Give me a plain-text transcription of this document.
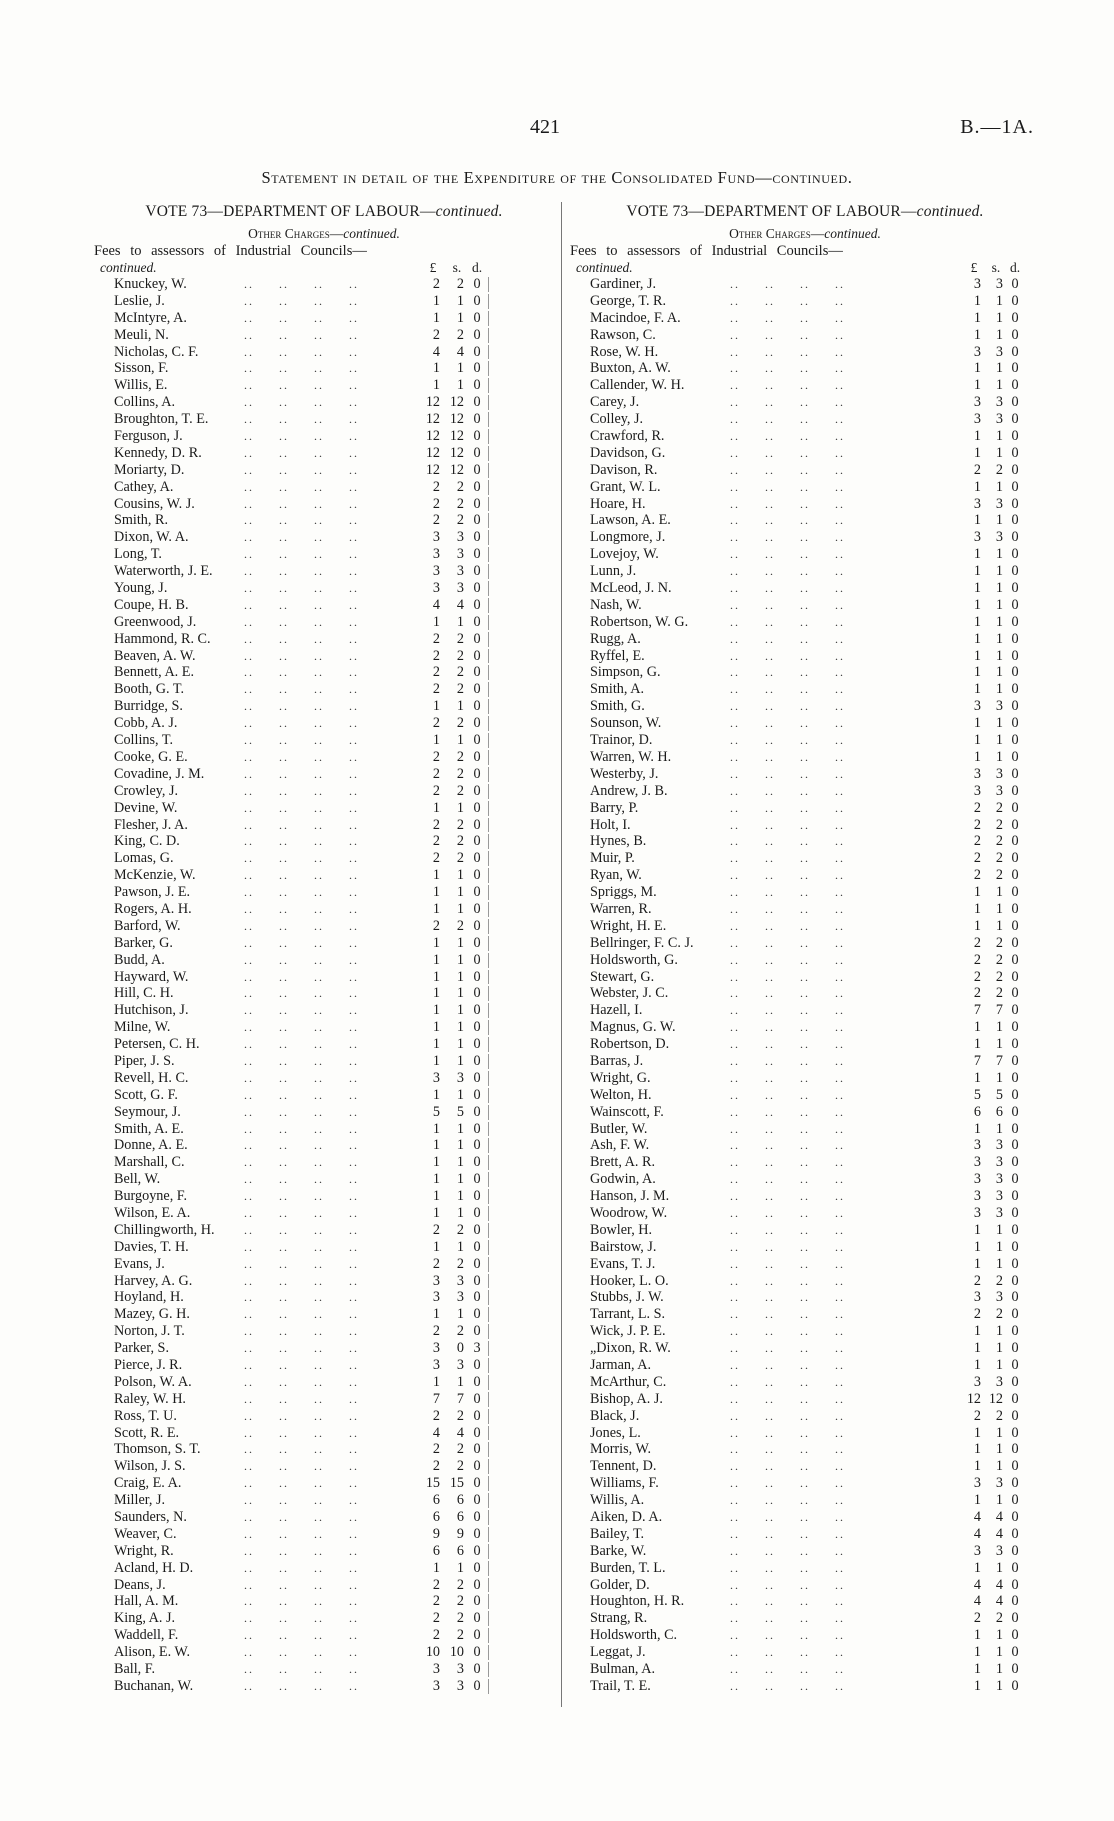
421	B.—1A.
Statement in detail of the Expenditure of the Consolidated Fund—continued.
VOTE 73—DEPARTMENT OF LABOUR—continued.
Other Charges—continued.
Fees to assessors of Industrial Councils—
continued.	£ s. d.
..     ..     ..     ..
Knuckey, W.	2	2 0
..     ..     ..     ..
Leslie, J.	1	1 0
..     ..     ..     ..
McIntyre, A.	1	1 0
..     ..     ..     ..
Meuli, N.	2	2 0
..     ..     ..     ..
Nicholas, C. F.	4	4 0
..     ..     ..     ..
Sisson, F.	1	1 0
..     ..     ..     ..
Willis, E.	1	1 0
..     ..     ..     ..
Collins, A.	12 12 0
..     ..     ..     ..
Broughton, T. E.	12 12 0
..     ..     ..     ..
Ferguson, J.	12 12 0
..     ..     ..     ..
Kennedy, D. R.	12 12 0
..     ..     ..     ..
Moriarty, D.	12 12 0
..     ..     ..     ..
Cathey, A.	2	2 0
..     ..     ..     ..
Cousins, W. J.	2	2 0
..     ..     ..     ..
Smith, R.	2	2 0
..     ..     ..     ..
Dixon, W. A.	3	3 0
..     ..     ..     ..
Long, T.	3	3 0
..     ..     ..     ..
Waterworth, J. E.	3	3 0
..     ..     ..     ..
Young, J.	3	3 0
..     ..     ..     ..
Coupe, H. B.	4	4 0
..     ..     ..     ..
Greenwood, J.	1	1 0
..     ..     ..     ..
Hammond, R. C.	2	2 0
..     ..     ..     ..
Beaven, A. W.	2	2 0
..     ..     ..     ..
Bennett, A. E.	2	2 0
..     ..     ..     ..
Booth, G. T.	2	2 0
..     ..     ..     ..
Burridge, S.	1	1 0
..     ..     ..     ..
Cobb, A. J.	2	2 0
..     ..     ..     ..
Collins, T.	1	1 0
..     ..     ..     ..
Cooke, G. E.	2	2 0
..     ..     ..     ..
Covadine, J. M.	2	2 0
..     ..     ..     ..
Crowley, J.	2	2 0
..     ..     ..     ..
Devine, W.	1	1 0
..     ..     ..     ..
Flesher, J. A.	2	2 0
..     ..     ..     ..
King, C. D.	2	2 0
..     ..     ..     ..
Lomas, G.	2	2 0
..     ..     ..     ..
McKenzie, W.	1	1 0
..     ..     ..     ..
Pawson, J. E.	1	1 0
..     ..     ..     ..
Rogers, A. H.	1	1 0
..     ..     ..     ..
Barford, W.	2	2 0
..     ..     ..     ..
Barker, G.	1	1 0
..     ..     ..     ..
Budd, A.	1	1 0
..     ..     ..     ..
Hayward, W.	1	1 0
..     ..     ..     ..
Hill, C. H.	1	1 0
..     ..     ..     ..
Hutchison, J.	1	1 0
..     ..     ..     ..
Milne, W.	1	1 0
..     ..     ..     ..
Petersen, C. H.	1	1 0
..     ..     ..     ..
Piper, J. S.	1	1 0
..     ..     ..     ..
Revell, H. C.	3	3 0
..     ..     ..     ..
Scott, G. F.	1	1 0
..     ..     ..     ..
Seymour, J.	5	5 0
..     ..     ..     ..
Smith, A. E.	1	1 0
..     ..     ..     ..
Donne, A. E.	1	1 0
..     ..     ..     ..
Marshall, C.	1	1 0
..     ..     ..     ..
Bell, W.	1	1 0
..     ..     ..     ..
Burgoyne, F.	1	1 0
..     ..     ..     ..
Wilson, E. A.	1	1 0
..     ..     ..     ..
Chillingworth, H.	2	2 0
..     ..     ..     ..
Davies, T. H.	1	1 0
..     ..     ..     ..
Evans, J.	2	2 0
..     ..     ..     ..
Harvey, A. G.	3	3 0
..     ..     ..     ..
Hoyland, H.	3	3 0
..     ..     ..     ..
Mazey, G. H.	1	1 0
..     ..     ..     ..
Norton, J. T.	2	2 0
..     ..     ..     ..
Parker, S.	3	0 3
..     ..     ..     ..
Pierce, J. R.	3	3 0
..     ..     ..     ..
Polson, W. A.	1	1 0
..     ..     ..     ..
Raley, W. H.	7	7 0
..     ..     ..     ..
Ross, T. U.	2	2 0
..     ..     ..     ..
Scott, R. E.	4	4 0
..     ..     ..     ..
Thomson, S. T.	2	2 0
..     ..     ..     ..
Wilson, J. S.	2	2 0
..     ..     ..     ..
Craig, E. A.	15 15 0
..     ..     ..     ..
Miller, J.	6	6 0
..     ..     ..     ..
Saunders, N.	6	6 0
..     ..     ..     ..
Weaver, C.	9	9 0
..     ..     ..     ..
Wright, R.	6	6 0
..     ..     ..     ..
Acland, H. D.	1	1 0
..     ..     ..     ..
Deans, J.	2	2 0
..     ..     ..     ..
Hall, A. M.	2	2 0
..     ..     ..     ..
King, A. J.	2	2 0
..     ..     ..     ..
Waddell, F.	2	2 0
..     ..     ..     ..
Alison, E. W.	10 10 0
..     ..     ..     ..
Ball, F.	3	3 0
..     ..     ..     ..
Buchanan, W.	3	3 0
VOTE 73—DEPARTMENT OF LABOUR—continued.
Other Charges—continued.
Fees to assessors of Industrial Councils—
continued.	£ s. d.
..     ..     ..     ..
Gardiner, J.	3	3 0
..     ..     ..     ..
George, T. R.	1	1 0
..     ..     ..     ..
Macindoe, F. A.	1	1 0
..     ..     ..     ..
Rawson, C.	1	1 0
..     ..     ..     ..
Rose, W. H.	3	3 0
..     ..     ..     ..
Buxton, A. W.	1	1 0
..     ..     ..     ..
Callender, W. H.	1	1 0
..     ..     ..     ..
Carey, J.	3	3 0
..     ..     ..     ..
Colley, J.	3	3 0
..     ..     ..     ..
Crawford, R.	1	1 0
..     ..     ..     ..
Davidson, G.	1	1 0
..     ..     ..     ..
Davison, R.	2	2 0
..     ..     ..     ..
Grant, W. L.	1	1 0
..     ..     ..     ..
Hoare, H.	3	3 0
..     ..     ..     ..
Lawson, A. E.	1	1 0
..     ..     ..     ..
Longmore, J.	3	3 0
..     ..     ..     ..
Lovejoy, W.	1	1 0
..     ..     ..     ..
Lunn, J.	1	1 0
..     ..     ..     ..
McLeod, J. N.	1	1 0
..     ..     ..     ..
Nash, W.	1	1 0
..     ..     ..     ..
Robertson, W. G.	1	1 0
..     ..     ..     ..
Rugg, A.	1	1 0
..     ..     ..     ..
Ryffel, E.	1	1 0
..     ..     ..     ..
Simpson, G.	1	1 0
..     ..     ..     ..
Smith, A.	1	1 0
..     ..     ..     ..
Smith, G.	3	3 0
..     ..     ..     ..
Sounson, W.	1	1 0
..     ..     ..     ..
Trainor, D.	1	1 0
..     ..     ..     ..
Warren, W. H.	1	1 0
..     ..     ..     ..
Westerby, J.	3	3 0
..     ..     ..     ..
Andrew, J. B.	3	3 0
..     ..     ..     ..
Barry, P.	2	2 0
..     ..     ..     ..
Holt, I.	2	2 0
..     ..     ..     ..
Hynes, B.	2	2 0
..     ..     ..     ..
Muir, P.	2	2 0
..     ..     ..     ..
Ryan, W.	2	2 0
..     ..     ..     ..
Spriggs, M.	1	1 0
..     ..     ..     ..
Warren, R.	1	1 0
..     ..     ..     ..
Wright, H. E.	1	1 0
..     ..     ..     ..
Bellringer, F. C. J.	2	2 0
..     ..     ..     ..
Holdsworth, G.	2	2 0
..     ..     ..     ..
Stewart, G.	2	2 0
..     ..     ..     ..
Webster, J. C.	2	2 0
..     ..     ..     ..
Hazell, I.	7	7 0
..     ..     ..     ..
Magnus, G. W.	1	1 0
..     ..     ..     ..
Robertson, D.	1	1 0
..     ..     ..     ..
Barras, J.	7	7 0
..     ..     ..     ..
Wright, G.	1	1 0
..     ..     ..     ..
Welton, H.	5	5 0
..     ..     ..     ..
Wainscott, F.	6	6 0
..     ..     ..     ..
Butler, W.	1	1 0
..     ..     ..     ..
Ash, F. W.	3	3 0
..     ..     ..     ..
Brett, A. R.	3	3 0
..     ..     ..     ..
Godwin, A.	3	3 0
..     ..     ..     ..
Hanson, J. M.	3	3 0
..     ..     ..     ..
Woodrow, W.	3	3 0
..     ..     ..     ..
Bowler, H.	1	1 0
..     ..     ..     ..
Bairstow, J.	1	1 0
..     ..     ..     ..
Evans, T. J.	1	1 0
..     ..     ..     ..
Hooker, L. O.	2	2 0
..     ..     ..     ..
Stubbs, J. W.	3	3 0
..     ..     ..     ..
Tarrant, L. S.	2	2 0
..     ..     ..     ..
Wick, J. P. E.	1	1 0
..     ..     ..     ..
„Dixon, R. W.	1	1 0
..     ..     ..     ..
Jarman, A.	1	1 0
..     ..     ..     ..
McArthur, C.	3	3 0
..     ..     ..     ..
Bishop, A. J.	12 12 0
..     ..     ..     ..
Black, J.	2	2 0
..     ..     ..     ..
Jones, L.	1	1 0
..     ..     ..     ..
Morris, W.	1	1 0
..     ..     ..     ..
Tennent, D.	1	1 0
..     ..     ..     ..
Williams, F.	3	3 0
..     ..     ..     ..
Willis, A.	1	1 0
..     ..     ..     ..
Aiken, D. A.	4	4 0
..     ..     ..     ..
Bailey, T.	4	4 0
..     ..     ..     ..
Barke, W.	3	3 0
..     ..     ..     ..
Burden, T. L.	1	1 0
..     ..     ..     ..
Golder, D.	4	4 0
..     ..     ..     ..
Houghton, H. R.	4	4 0
..     ..     ..     ..
Strang, R.	2	2 0
..     ..     ..     ..
Holdsworth, C.	1	1 0
..     ..     ..     ..
Leggat, J.	1	1 0
..     ..     ..     ..
Bulman, A.	1	1 0
..     ..     ..     ..
Trail, T. E.	1	1 0
